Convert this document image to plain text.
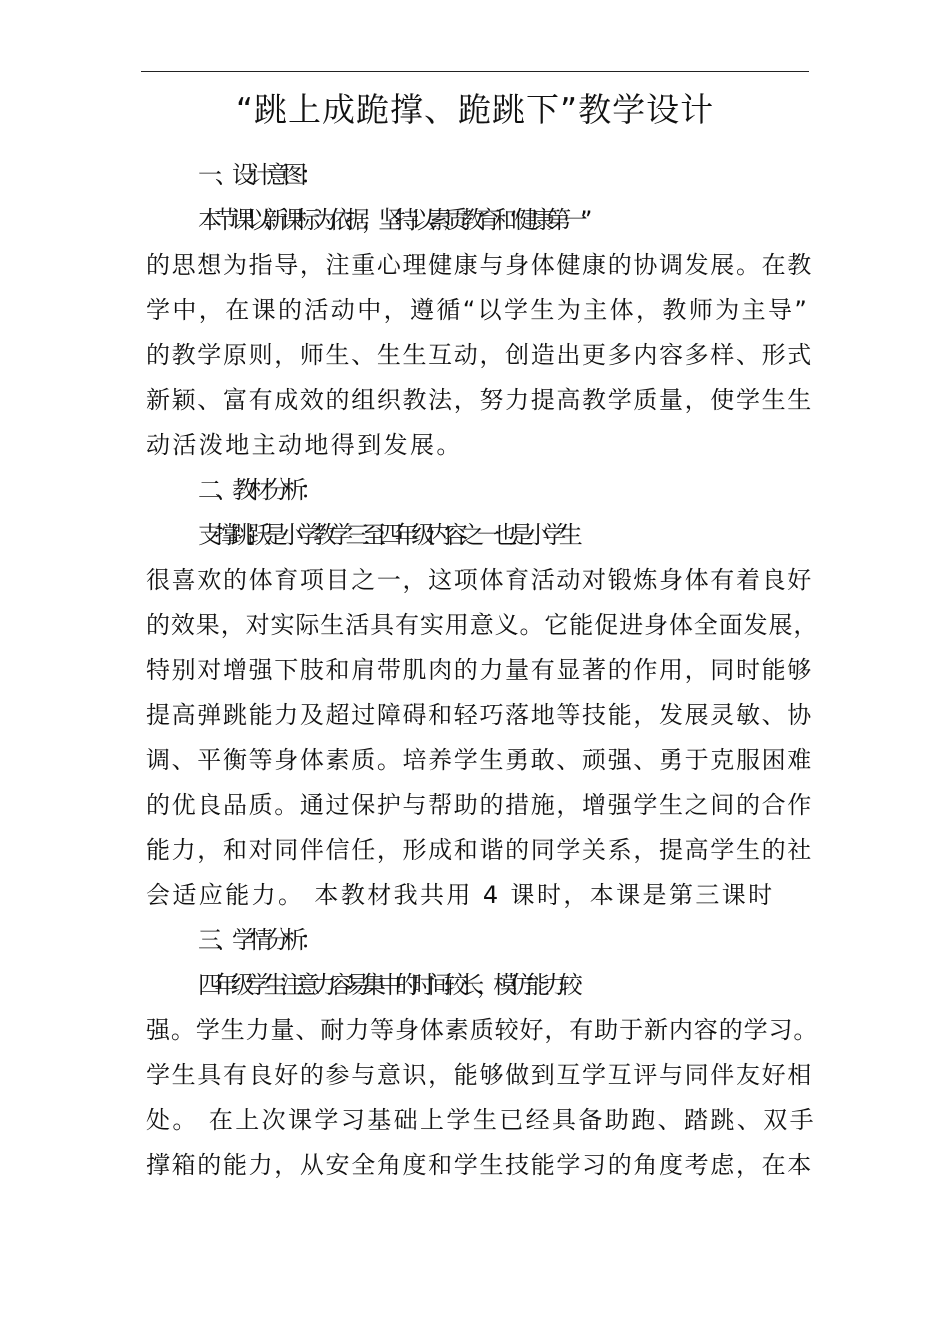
“跳上成跪撑、跪跳下”教学设计
一、设计意图：
本节课以新课标为依据，坚持以素质教育和“健康第一”
的思想为指导，注重心理健康与身体健康的协调发展。在教
学中，在课的活动中，遵循“以学生为主体，教师为主导”
的教学原则，师生、生生互动，创造出更多内容多样、形式
新颖、富有成效的组织教法，努力提高教学质量，使学生生
动活泼地主动地得到发展。
二、教材分析：
支撑跳跃是小学教学三至四年级内容之一也是小学生
很喜欢的体育项目之一，这项体育活动对锻炼身体有着良好
的效果，对实际生活具有实用意义。它能促进身体全面发展，
特别对增强下肢和肩带肌肉的力量有显著的作用，同时能够
提高弹跳能力及超过障碍和轻巧落地等技能，发展灵敏、协
调、平衡等身体素质。培养学生勇敢、顽强、勇于克服困难
的优良品质。通过保护与帮助的措施，增强学生之间的合作
能力，和对同伴信任，形成和谐的同学关系，提高学生的社
会适应能力。 本教材我共用 4 课时，本课是第三课时
三、学情分析：
四年级学生注意力容易集中的时间较长，模仿能力较
强。学生力量、耐力等身体素质较好，有助于新内容的学习。
学生具有良好的参与意识，能够做到互学互评与同伴友好相
处。 在上次课学习基础上学生已经具备助跑、踏跳、双手
撑箱的能力，从安全角度和学生技能学习的角度考虑，在本
